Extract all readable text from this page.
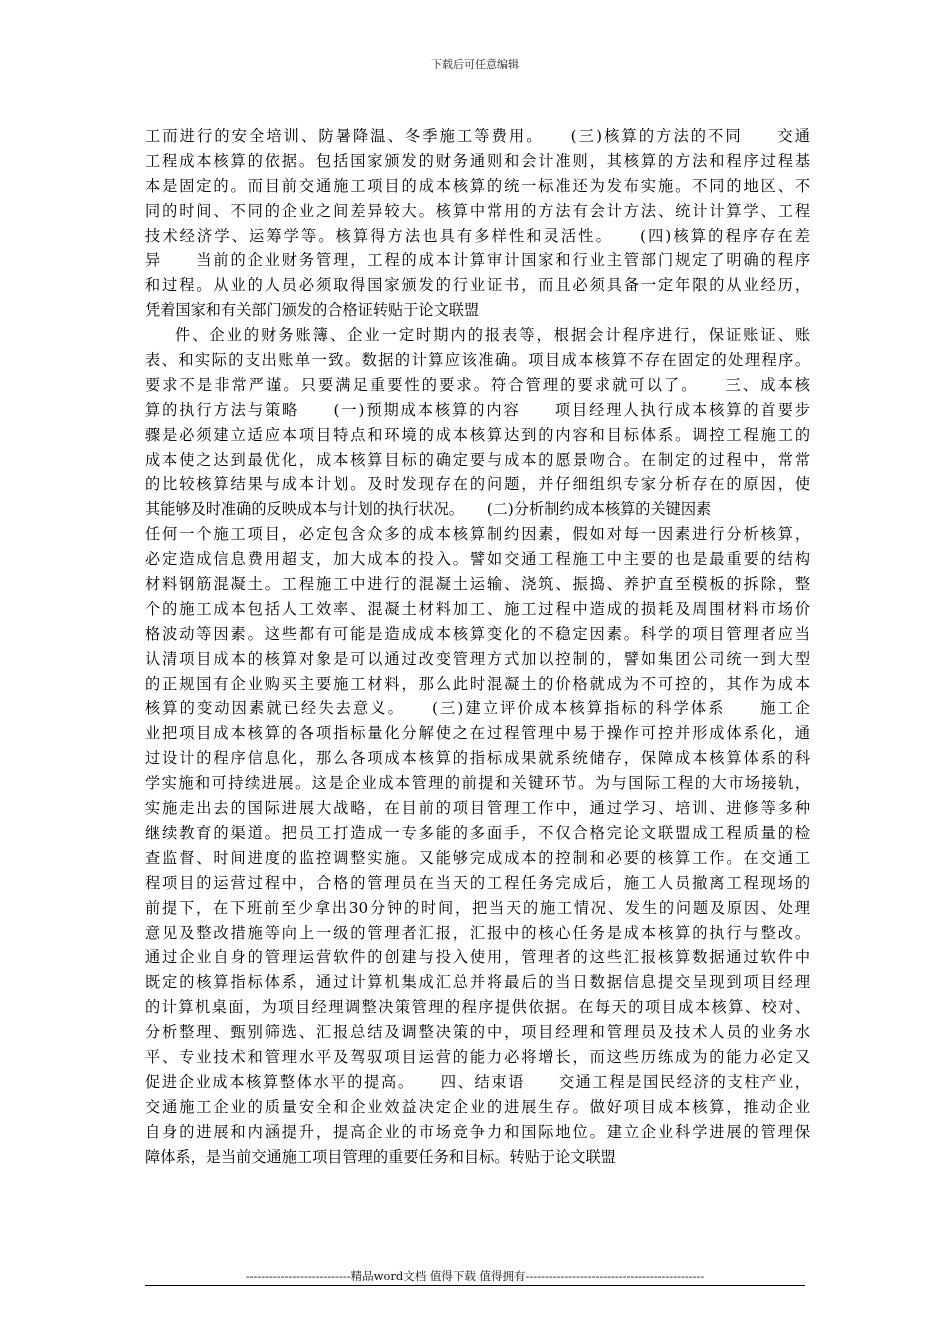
下载后可任意编辑
工而进行的安全培训、防暑降温、冬季施工等费用。　　(三)核算的方法的不同　　交通
工程成本核算的依据。包括国家颁发的财务通则和会计准则，其核算的方法和程序过程基
本是固定的。而目前交通施工项目的成本核算的统一标准还为发布实施。不同的地区、不
同的时间、不同的企业之间差异较大。核算中常用的方法有会计方法、统计计算学、工程
技术经济学、运筹学等。核算得方法也具有多样性和灵活性。　　(四)核算的程序存在差
异　　当前的企业财务管理，工程的成本计算审计国家和行业主管部门规定了明确的程序
和过程。从业的人员必须取得国家颁发的行业证书，而且必须具备一定年限的从业经历，
凭着国家和有关部门颁发的合格证转贴于论文联盟
件、企业的财务账簿、企业一定时期内的报表等，根据会计程序进行，保证账证、账
表、和实际的支出账单一致。数据的计算应该准确。项目成本核算不存在固定的处理程序。
要求不是非常严谨。只要满足重要性的要求。符合管理的要求就可以了。　　三、成本核
算的执行方法与策略　　(一)预期成本核算的内容　　项目经理人执行成本核算的首要步
骤是必须建立适应本项目特点和环境的成本核算达到的内容和目标体系。调控工程施工的
成本使之达到最优化，成本核算目标的确定要与成本的愿景吻合。在制定的过程中，常常
的比较核算结果与成本计划。及时发现存在的问题，并仔细组织专家分析存在的原因，使
其能够及时准确的反映成本与计划的执行状况。　　(二)分析制约成本核算的关键因素
任何一个施工项目，必定包含众多的成本核算制约因素，假如对每一因素进行分析核算，
必定造成信息费用超支，加大成本的投入。譬如交通工程施工中主要的也是最重要的结构
材料钢筋混凝土。工程施工中进行的混凝土运输、浇筑、振捣、养护直至模板的拆除，整
个的施工成本包括人工效率、混凝土材料加工、施工过程中造成的损耗及周围材料市场价
格波动等因素。这些都有可能是造成成本核算变化的不稳定因素。科学的项目管理者应当
认清项目成本的核算对象是可以通过改变管理方式加以控制的，譬如集团公司统一到大型
的正规国有企业购买主要施工材料，那么此时混凝土的价格就成为不可控的，其作为成本
核算的变动因素就已经失去意义。　　(三)建立评价成本核算指标的科学体系　　施工企
业把项目成本核算的各项指标量化分解使之在过程管理中易于操作可控并形成体系化，通
过设计的程序信息化，那么各项成本核算的指标成果就系统储存，保障成本核算体系的科
学实施和可持续进展。这是企业成本管理的前提和关键环节。为与国际工程的大市场接轨，
实施走出去的国际进展大战略，在目前的项目管理工作中，通过学习、培训、进修等多种
继续教育的渠道。把员工打造成一专多能的多面手，不仅合格完论文联盟成工程质量的检
查监督、时间进度的监控调整实施。又能够完成成本的控制和必要的核算工作。在交通工
程项目的运营过程中，合格的管理员在当天的工程任务完成后，施工人员撤离工程现场的
前提下，在下班前至少拿出30分钟的时间，把当天的施工情况、发生的问题及原因、处理
意见及整改措施等向上一级的管理者汇报，汇报中的核心任务是成本核算的执行与整改。
通过企业自身的管理运营软件的创建与投入使用，管理者的这些汇报核算数据通过软件中
既定的核算指标体系，通过计算机集成汇总并将最后的当日数据信息提交呈现到项目经理
的计算机桌面，为项目经理调整决策管理的程序提供依据。在每天的项目成本核算、校对、
分析整理、甄别筛选、汇报总结及调整决策的中，项目经理和管理员及技术人员的业务水
平、专业技术和管理水平及驾驭项目运营的能力必将增长，而这些历练成为的能力必定又
促进企业成本核算整体水平的提高。　　四、结束语　　交通工程是国民经济的支柱产业，
交通施工企业的质量安全和企业效益决定企业的进展生存。做好项目成本核算，推动企业
自身的进展和内涵提升，提高企业的市场竞争力和国际地位。建立企业科学进展的管理保
障体系，是当前交通施工项目管理的重要任务和目标。转贴于论文联盟
---------------------------精品word文档 值得下载 值得拥有----------------------------------------------
